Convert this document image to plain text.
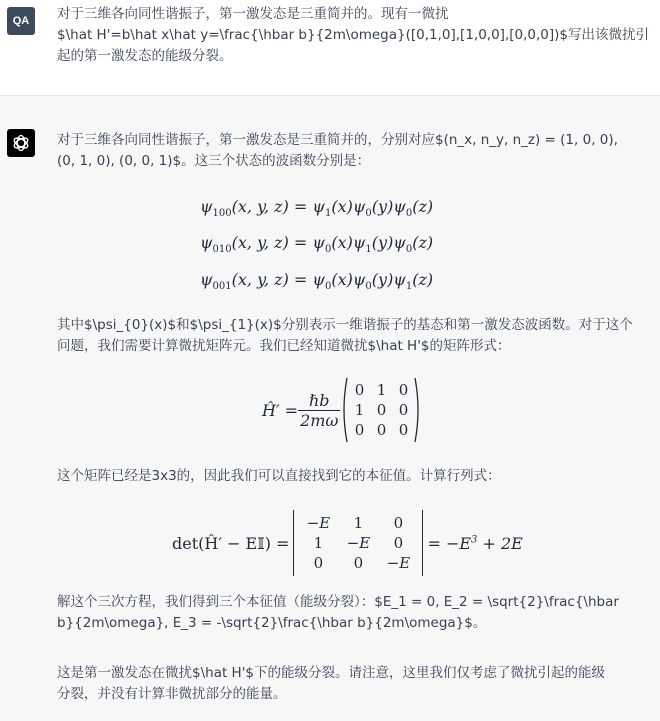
QA	对于三维各向同性谐振子，第一激发态是三重简并的。现有一微扰
$\hat H'=b\hat x\hat y=\frac{\hbar b}{2m\omega}([0,1,0],[1,0,0],[0,0,0])$写出该微扰引
起的第一激发态的能级分裂。
对于三维各向同性谐振子，第一激发态是三重简并的，分别对应$(n_x, n_y, n_z) = (1, 0, 0),
(0, 1, 0), (0, 0, 1)$。这三个状态的波函数分别是：
$\psi_{100}(x$, y, $z) = \psi_1(x)\psi_0(y)\psi_0(z)$
$\psi_{010}(x$, y, $z) = \psi_0(x)\psi_1(y)\psi_0(z)$
$\psi_{001}(x$, y, $z) = \psi_0(x)\psi_0(y)\psi_1(z)$
其中$\psi_{0}(x)$和$\psi_{1}(x)$分别表示一维谐振子的基态和第一激发态波函数。对于这个
问题，我们需要计算微扰矩阵元。我们已经知道微扰$\hat H'$的矩阵形式：
Ĥ′ = $\frac{\text{ℏb}}{2m\omega}$
0	1	0
1	0	0
0	0	0
这个矩阵已经是3x3的，因此我们可以直接找到它的本征值。计算行列式：
det(Ĥ′ − E𝕀) =
−E	1	0
1	−E	0
0	0	−E
= $-E^3 + 2E$
解这个三次方程，我们得到三个本征值（能级分裂）：$E_1 = 0, E_2 = \sqrt{2}\frac{\hbar
b}{2m\omega}, E_3 = -\sqrt{2}\frac{\hbar b}{2m\omega}$。
这是第一激发态在微扰$\hat H'$下的能级分裂。请注意，这里我们仅考虑了微扰引起的能级
分裂，并没有计算非微扰部分的能量。
